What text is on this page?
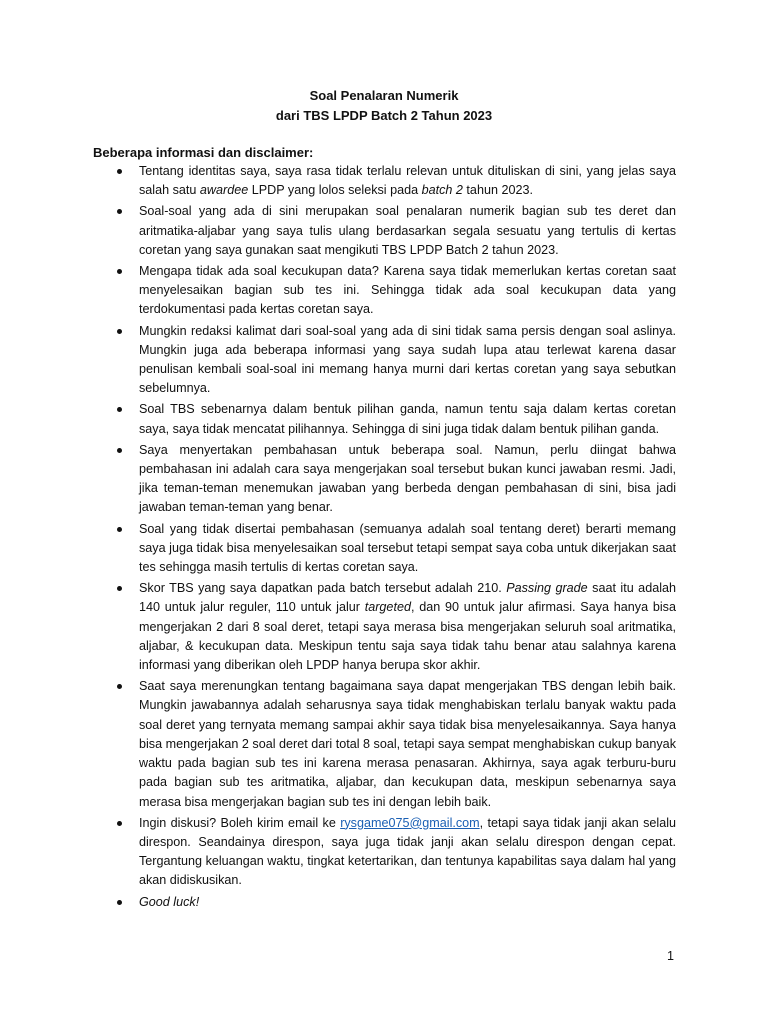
Soal Penalaran Numerik
dari TBS LPDP Batch 2 Tahun 2023
Beberapa informasi dan disclaimer:
Tentang identitas saya, saya rasa tidak terlalu relevan untuk dituliskan di sini, yang jelas saya salah satu awardee LPDP yang lolos seleksi pada batch 2 tahun 2023.
Soal-soal yang ada di sini merupakan soal penalaran numerik bagian sub tes deret dan aritmatika-aljabar yang saya tulis ulang berdasarkan segala sesuatu yang tertulis di kertas coretan yang saya gunakan saat mengikuti TBS LPDP Batch 2 tahun 2023.
Mengapa tidak ada soal kecukupan data? Karena saya tidak memerlukan kertas coretan saat menyelesaikan bagian sub tes ini. Sehingga tidak ada soal kecukupan data yang terdokumentasi pada kertas coretan saya.
Mungkin redaksi kalimat dari soal-soal yang ada di sini tidak sama persis dengan soal aslinya. Mungkin juga ada beberapa informasi yang saya sudah lupa atau terlewat karena dasar penulisan kembali soal-soal ini memang hanya murni dari kertas coretan yang saya sebutkan sebelumnya.
Soal TBS sebenarnya dalam bentuk pilihan ganda, namun tentu saja dalam kertas coretan saya, saya tidak mencatat pilihannya. Sehingga di sini juga tidak dalam bentuk pilihan ganda.
Saya menyertakan pembahasan untuk beberapa soal. Namun, perlu diingat bahwa pembahasan ini adalah cara saya mengerjakan soal tersebut bukan kunci jawaban resmi. Jadi, jika teman-teman menemukan jawaban yang berbeda dengan pembahasan di sini, bisa jadi jawaban teman-teman yang benar.
Soal yang tidak disertai pembahasan (semuanya adalah soal tentang deret) berarti memang saya juga tidak bisa menyelesaikan soal tersebut tetapi sempat saya coba untuk dikerjakan saat tes sehingga masih tertulis di kertas coretan saya.
Skor TBS yang saya dapatkan pada batch tersebut adalah 210. Passing grade saat itu adalah 140 untuk jalur reguler, 110 untuk jalur targeted, dan 90 untuk jalur afirmasi. Saya hanya bisa mengerjakan 2 dari 8 soal deret, tetapi saya merasa bisa mengerjakan seluruh soal aritmatika, aljabar, & kecukupan data. Meskipun tentu saja saya tidak tahu benar atau salahnya karena informasi yang diberikan oleh LPDP hanya berupa skor akhir.
Saat saya merenungkan tentang bagaimana saya dapat mengerjakan TBS dengan lebih baik. Mungkin jawabannya adalah seharusnya saya tidak menghabiskan terlalu banyak waktu pada soal deret yang ternyata memang sampai akhir saya tidak bisa menyelesaikannya. Saya hanya bisa mengerjakan 2 soal deret dari total 8 soal, tetapi saya sempat menghabiskan cukup banyak waktu pada bagian sub tes ini karena merasa penasaran. Akhirnya, saya agak terburu-buru pada bagian sub tes aritmatika, aljabar, dan kecukupan data, meskipun sebenarnya saya merasa bisa mengerjakan bagian sub tes ini dengan lebih baik.
Ingin diskusi? Boleh kirim email ke rysgame075@gmail.com, tetapi saya tidak janji akan selalu direspon. Seandainya direspon, saya juga tidak janji akan selalu direspon dengan cepat. Tergantung keluangan waktu, tingkat ketertarikan, dan tentunya kapabilitas saya dalam hal yang akan didiskusikan.
Good luck!
1
